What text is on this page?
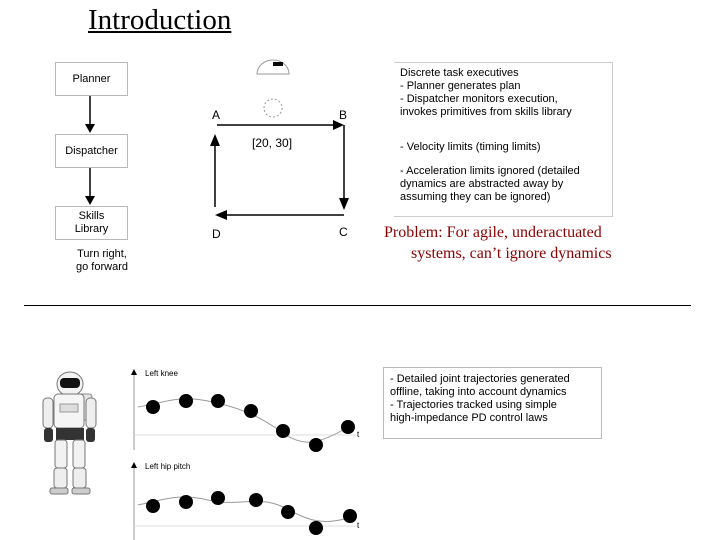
Introduction
Planner
Dispatcher
Skills
Library
Turn right,
go forward
A	B
C
D
[20, 30]
Discrete task executives
- Planner generates plan
- Dispatcher monitors execution,
invokes primitives from skills library
- Velocity limits (timing limits)
- Acceleration limits ignored (detailed
dynamics are abstracted away by
assuming they can be ignored)
Problem: For agile, underactuated
systems, can’t ignore dynamics
Left knee
Left hip pitch
t
t
- Detailed joint trajectories generated
offline, taking into account dynamics
- Trajectories tracked using simple
high-impedance PD control laws
